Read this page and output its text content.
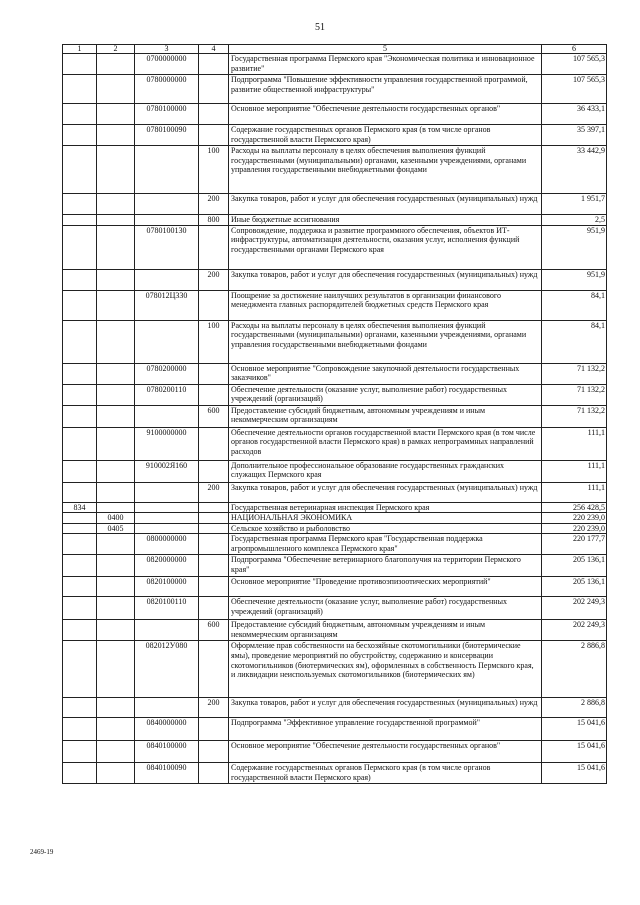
51
1	2	3	4	5	6
		0700000000		Государственная программа Пермского края "Экономическая политика и инновационное развитие"	107 565,3
		0780000000		Подпрограмма "Повышение эффективности управления государственной программой, развитие общественной инфраструктуры"	107 565,3
		0780100000		Основное мероприятие "Обеспечение деятельности государственных органов"	36 433,1
		0780100090		Содержание государственных органов Пермского края (в том числе органов государственной власти Пермского края)	35 397,1
			100	Расходы на выплаты персоналу в целях обеспечения выполнения функций государственными (муниципальными) органами, казенными учреждениями, органами управления государственными внебюджетными фондами	33 442,9
			200	Закупка товаров, работ и услуг для обеспечения государственных (муниципальных) нужд	1 951,7
			800	Иные бюджетные ассигнования	2,5
		0780100130		Сопровождение, поддержка и развитие программного обеспечения, объектов ИТ-инфраструктуры, автоматизация деятельности, оказания услуг, исполнения функций государственными органами Пермского края	951,9
			200	Закупка товаров, работ и услуг для обеспечения государственных (муниципальных) нужд	951,9
		078012Ц330		Поощрение за достижение наилучших результатов в организации финансового менеджмента главных распорядителей бюджетных средств Пермского края	84,1
			100	Расходы на выплаты персоналу в целях обеспечения выполнения функций государственными (муниципальными) органами, казенными учреждениями, органами управления государственными внебюджетными фондами	84,1
		0780200000		Основное мероприятие "Сопровождение закупочной деятельности государственных заказчиков"	71 132,2
		0780200110		Обеспечение деятельности (оказание услуг, выполнение работ) государственных учреждений (организаций)	71 132,2
			600	Предоставление субсидий бюджетным, автономным учреждениям и иным некоммерческим организациям	71 132,2
		9100000000		Обеспечение деятельности органов государственной власти Пермского края (в том числе органов государственной власти Пермского края) в рамках непрограммных направлений расходов	111,1
		910002Я160		Дополнительное профессиональное образование государственных гражданских служащих Пермского края	111,1
			200	Закупка товаров, работ и услуг для обеспечения государственных (муниципальных) нужд	111,1
834				Государственная ветеринарная инспекция Пермского края	256 428,5
	0400			НАЦИОНАЛЬНАЯ ЭКОНОМИКА	220 239,0
	0405			Сельское хозяйство и рыболовство	220 239,0
		0800000000		Государственная программа Пермского края "Государственная поддержка агропромышленного комплекса Пермского края"	220 177,7
		0820000000		Подпрограмма "Обеспечение ветеринарного благополучия на территории Пермского края"	205 136,1
		0820100000		Основное мероприятие "Проведение противоэпизоотических мероприятий"	205 136,1
		0820100110		Обеспечение деятельности (оказание услуг, выполнение работ) государственных учреждений (организаций)	202 249,3
			600	Предоставление субсидий бюджетным, автономным учреждениям и иным некоммерческим организациям	202 249,3
		082012У080		Оформление прав собственности на бесхозяйные скотомогильники (биотермические ямы), проведение мероприятий по обустройству, содержанию и консервации скотомогильников (биотермических ям), оформленных в собственность Пермского края, и ликвидации неиспользуемых скотомогильников (биотермических ям)	2 886,8
			200	Закупка товаров, работ и услуг для обеспечения государственных (муниципальных) нужд	2 886,8
		0840000000		Подпрограмма "Эффективное управление государственной программой"	15 041,6
		0840100000		Основное мероприятие "Обеспечение деятельности государственных органов"	15 041,6
		0840100090		Содержание государственных органов Пермского края (в том числе органов государственной власти Пермского края)	15 041,6
2469-19
